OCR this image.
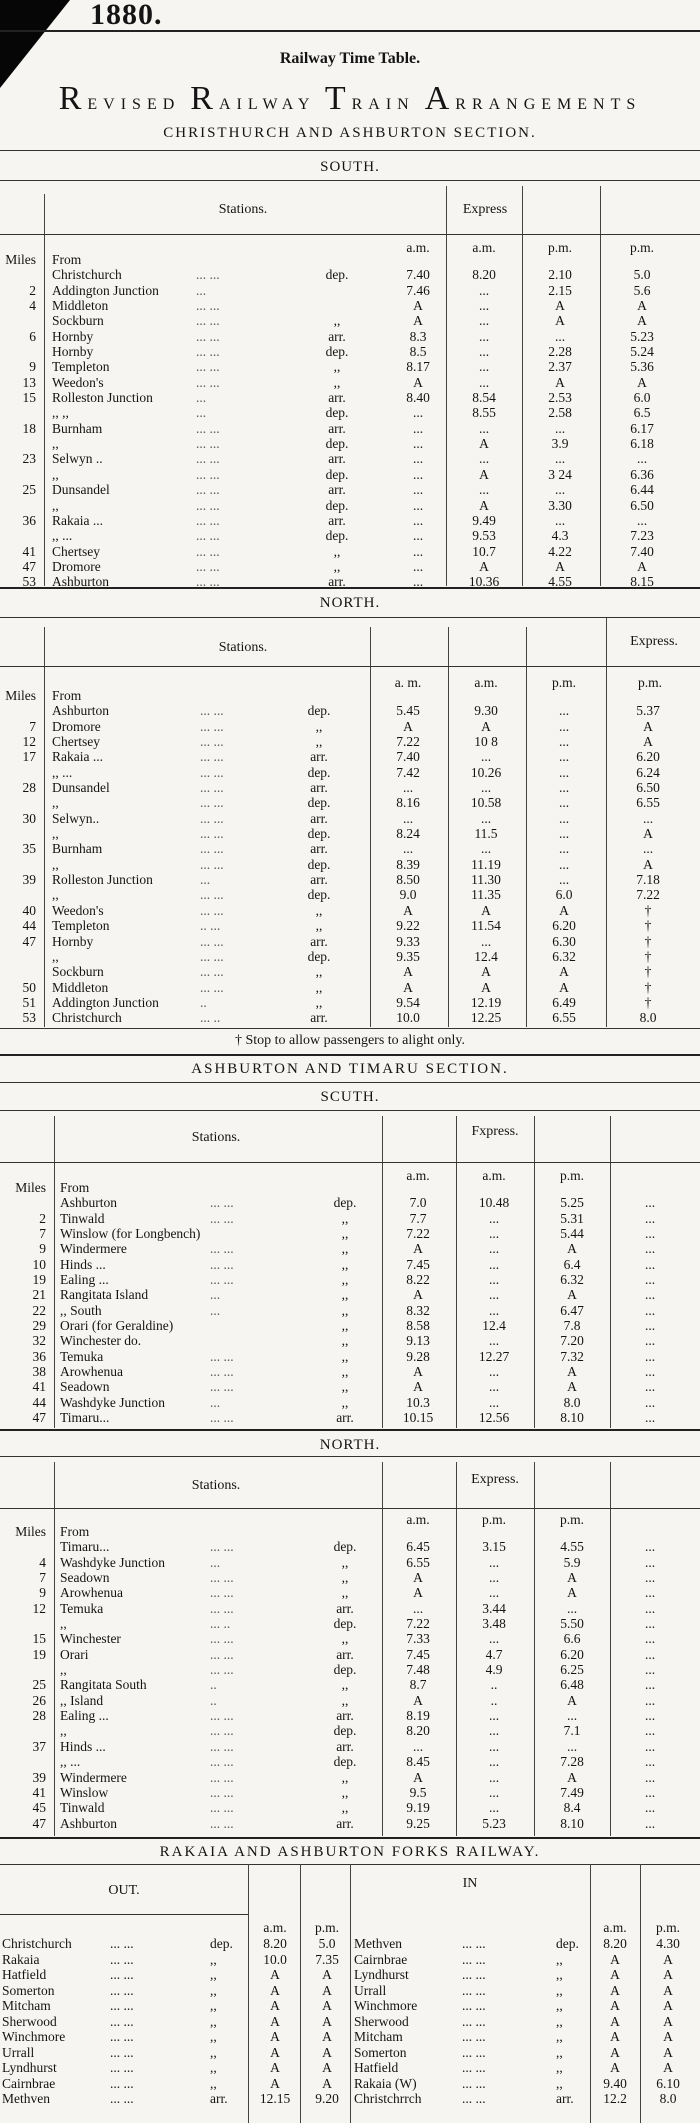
1880.
Railway Time Table.
REVISED RAILWAY TRAIN ARRANGEMENTS
CHRISTHURCH AND ASHBURTON SECTION.
SOUTH.
Stations.	Express
a.m.	a.m.	p.m.	p.m.
Miles From
Christchurch	... ...	dep.	7.40	8.20	2.10	5.0
2 Addington Junction	...	7.46	...	2.15	5.6
4 Middleton	... ...	A	...	A	A
Sockburn	... ...	,,	A	...	A	A
6 Hornby	... ...	arr.	8.3	...	...	5.23
Hornby	... ...	dep.	8.5	...	2.28	5.24
9 Templeton	... ...	,,	8.17	...	2.37	5.36
13 Weedon's	... ...	,,	A	...	A	A
15 Rolleston Junction	...	arr.	8.40	8.54	2.53	6.0
,, ,,	...	dep.	...	8.55	2.58	6.5
18 Burnham	... ...	arr.	...	...	...	6.17
,,	... ...	dep.	...	A	3.9	6.18
23 Selwyn ..	... ...	arr.	...	...	...	...
,,	... ...	dep.	...	A	3 24	6.36
25 Dunsandel	... ...	arr.	...	...	...	6.44
,,	... ...	dep.	...	A	3.30	6.50
36 Rakaia ...	... ...	arr.	...	9.49	...	...
,, ...	... ...	dep.	...	9.53	4.3	7.23
41 Chertsey	... ...	,,	...	10.7	4.22	7.40
47 Dromore	... ...	,,	...	A	A	A
53 Ashburton	... ...	arr.	...	10.36	4.55	8.15
NORTH.
Stations.	Express.
a. m.	a.m.	p.m.	p.m.
Miles From
Ashburton	... ...	dep.	5.45	9.30	...	5.37
7 Dromore	... ...	,,	A	A	...	A
12 Chertsey	... ...	,,	7.22	10 8	...	A
17 Rakaia ...	... ...	arr.	7.40	...	...	6.20
,, ...	... ...	dep.	7.42	10.26	...	6.24
28 Dunsandel	... ...	arr.	...	...	...	6.50
,,	... ...	dep.	8.16	10.58	...	6.55
30 Selwyn..	... ...	arr.	...	...	...	...
,,	... ...	dep.	8.24	11.5	...	A
35 Burnham	... ...	arr.	...	...	...	...
,,	... ...	dep.	8.39	11.19	...	A
39 Rolleston Junction	...	arr.	8.50	11.30	...	7.18
,,	... ...	dep.	9.0	11.35	6.0	7.22
40 Weedon's	... ...	,,	A	A	A	†
44 Templeton	.. ...	,,	9.22	11.54	6.20	†
47 Hornby	... ...	arr.	9.33	...	6.30	†
,,	... ...	dep.	9.35	12.4	6.32	†
Sockburn	... ...	,,	A	A	A	†
50 Middleton	... ...	,,	A	A	A	†
51 Addington Junction	..	,,	9.54	12.19	6.49	†
53 Christchurch	... ..	arr.	10.0	12.25	6.55	8.0
† Stop to allow passengers to alight only.
ASHBURTON AND TIMARU SECTION.
SCUTH.
Stations.	Fxpress.
a.m.	a.m.	p.m.
Miles From
Ashburton	... ...	dep.	7.0	10.48	5.25	...
2 Tinwald	... ...	,,	7.7	...	5.31	...
7 Winslow (for Longbench)	,,	7.22	...	5.44	...
9 Windermere	... ...	,,	A	...	A	...
10 Hinds ...	... ...	,,	7.45	...	6.4	...
19 Ealing ...	... ...	,,	8.22	...	6.32	...
21 Rangitata Island	...	,,	A	...	A	...
22 ,, South	...	,,	8.32	...	6.47	...
29 Orari (for Geraldine)	,,	8.58	12.4	7.8	...
32 Winchester do.	,,	9.13	...	7.20	...
36 Temuka	... ...	,,	9.28	12.27	7.32	...
38 Arowhenua	... ...	,,	A	...	A	...
41 Seadown	... ...	,,	A	...	A	...
44 Washdyke Junction	...	,,	10.3	...	8.0	...
47 Timaru...	... ...	arr.	10.15	12.56	8.10	...
NORTH.
Stations.	Express.
a.m.	p.m.	p.m.
Miles From
Timaru...	... ...	dep.	6.45	3.15	4.55	...
4 Washdyke Junction	...	,,	6.55	...	5.9	...
7 Seadown	... ...	,,	A	...	A	...
9 Arowhenua	... ...	,,	A	...	A	...
12 Temuka	... ...	arr.	...	3.44	...	...
,,	... ..	dep.	7.22	3.48	5.50	...
15 Winchester	... ...	,,	7.33	...	6.6	...
19 Orari	... ...	arr.	7.45	4.7	6.20	...
,,	... ...	dep.	7.48	4.9	6.25	...
25 Rangitata South	..	,,	8.7	..	6.48	...
26 ,, Island	..	,,	A	..	A	...
28 Ealing ...	... ...	arr.	8.19	...	...	...
,,	... ...	dep.	8.20	...	7.1	...
37 Hinds ...	... ...	arr.	...	...	...	...
,, ...	... ...	dep.	8.45	...	7.28	...
39 Windermere	... ...	,,	A	...	A	...
41 Winslow	... ...	,,	9.5	...	7.49	...
45 Tinwald	... ...	,,	9.19	...	8.4	...
47 Ashburton	... ...	arr.	9.25	5.23	8.10	...
RAKAIA AND ASHBURTON FORKS RAILWAY.
OUT.	IN
a.m.	p.m.	a.m.	p.m.
Christchurch	... ...	dep.	8.20	5.0	Methven	... ...	dep.	8.20	4.30
Rakaia	... ...	,,	10.0	7.35	Cairnbrae	... ...	,,	A	A
Hatfield	... ...	,,	A	A	Lyndhurst	... ...	,,	A	A
Somerton	... ...	,,	A	A	Urrall	... ...	,,	A	A
Mitcham	... ...	,,	A	A	Winchmore	... ...	,,	A	A
Sherwood	... ...	,,	A	A	Sherwood	... ...	,,	A	A
Winchmore	... ...	,,	A	A	Mitcham	... ...	,,	A	A
Urrall	... ...	,,	A	A	Somerton	... ...	,,	A	A
Lyndhurst	... ...	,,	A	A	Hatfield	... ...	,,	A	A
Cairnbrae	... ...	,,	A	A	Rakaia (W)	... ...	,,	9.40	6.10
Methven	... ...	arr.	12.15	9.20	Christchrrch	... ...	arr.	12.2	8.0
